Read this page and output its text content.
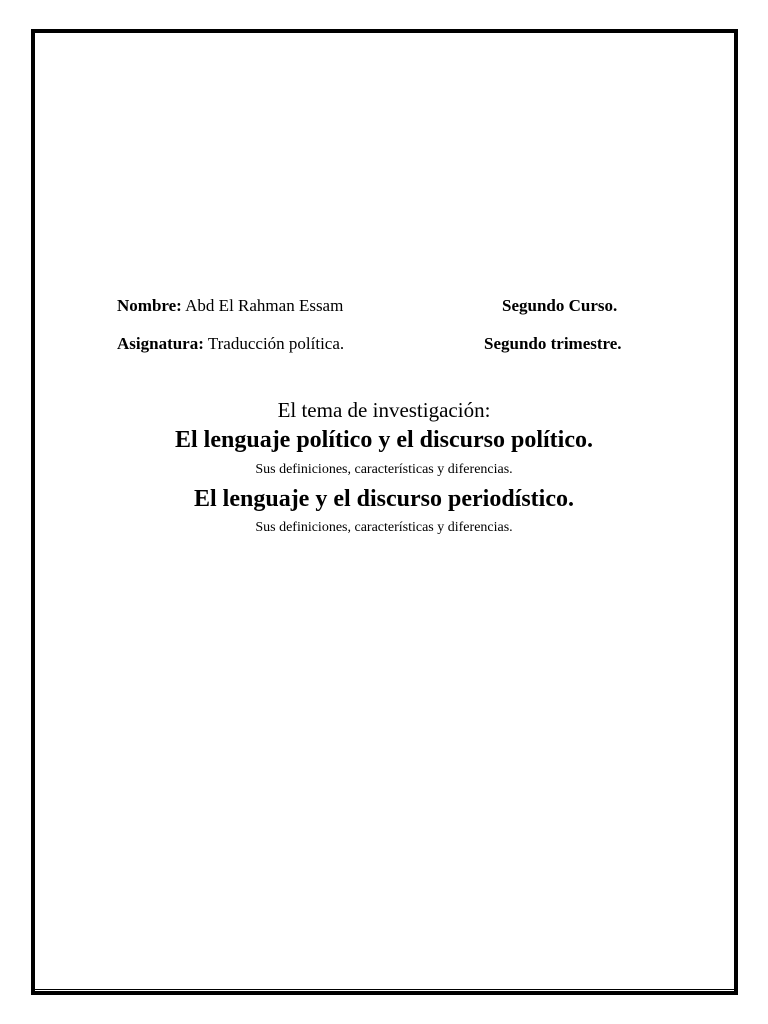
Nombre: Abd El Rahman Essam	Segundo Curso.
Asignatura: Traducción política.	Segundo trimestre.
El tema de investigación:
El lenguaje político y el discurso político.
Sus definiciones, características y diferencias.
El lenguaje y el discurso periodístico.
Sus definiciones, características y diferencias.
